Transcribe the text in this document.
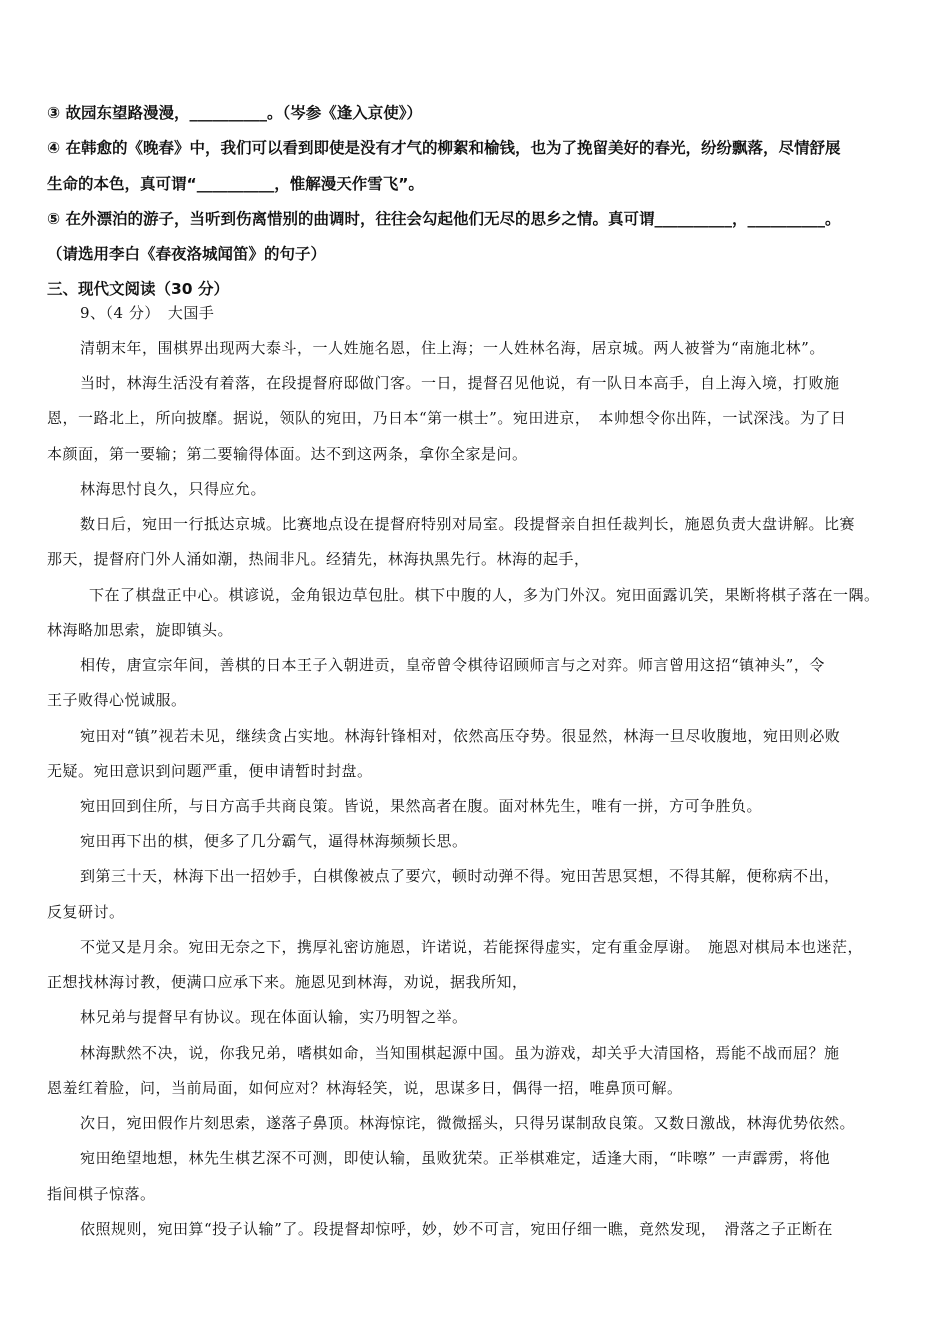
③ 故园东望路漫漫，__________。（岑参《逢入京使》）
④ 在韩愈的《晚春》中，我们可以看到即使是没有才气的柳絮和榆钱，也为了挽留美好的春光，纷纷飘落，尽情舒展
生命的本色，真可谓“__________，惟解漫天作雪飞”。
⑤ 在外漂泊的游子，当听到伤离惜别的曲调时，往往会勾起他们无尽的思乡之情。真可谓__________，__________。
（请选用李白《春夜洛城闻笛》的句子）
三、现代文阅读（30 分）
9、（4 分）　大国手
清朝末年，围棋界出现两大泰斗，一人姓施名恩，住上海；一人姓林名海，居京城。两人被誉为“南施北林”。
当时，林海生活没有着落，在段提督府邸做门客。一日，提督召见他说，有一队日本高手，自上海入境，打败施
恩，一路北上，所向披靡。据说，领队的宛田，乃日本“第一棋士”。宛田进京，　本帅想令你出阵，一试深浅。为了日
本颜面，第一要输；第二要输得体面。达不到这两条，拿你全家是问。
林海思忖良久，只得应允。
数日后，宛田一行抵达京城。比赛地点设在提督府特别对局室。段提督亲自担任裁判长，施恩负责大盘讲解。比赛
那天，提督府门外人涌如潮，热闹非凡。经猜先，林海执黑先行。林海的起手，
下在了棋盘正中心。棋谚说，金角银边草包肚。棋下中腹的人，多为门外汉。宛田面露讥笑，果断将棋子落在一隅。
林海略加思索，旋即镇头。
相传，唐宣宗年间，善棋的日本王子入朝进贡，皇帝曾令棋待诏顾师言与之对弈。师言曾用这招“镇神头”，令
王子败得心悦诚服。
宛田对“镇”视若未见，继续贪占实地。林海针锋相对，依然高压夺势。很显然，林海一旦尽收腹地，宛田则必败
无疑。宛田意识到问题严重，便申请暂时封盘。
宛田回到住所，与日方高手共商良策。皆说，果然高者在腹。面对林先生，唯有一拼，方可争胜负。
宛田再下出的棋，便多了几分霸气，逼得林海频频长思。
到第三十天，林海下出一招妙手，白棋像被点了要穴，顿时动弹不得。宛田苦思冥想，不得其解，便称病不出，
反复研讨。
不觉又是月余。宛田无奈之下，携厚礼密访施恩，许诺说，若能探得虚实，定有重金厚谢。　施恩对棋局本也迷茫，
正想找林海讨教，便满口应承下来。施恩见到林海，劝说，据我所知，
林兄弟与提督早有协议。现在体面认输，实乃明智之举。
林海默然不决，说，你我兄弟，嗜棋如命，当知围棋起源中国。虽为游戏，却关乎大清国格，焉能不战而屈？施
恩羞红着脸，问，当前局面，如何应对？林海轻笑，说，思谋多日，偶得一招，唯鼻顶可解。
次日，宛田假作片刻思索，遂落子鼻顶。林海惊诧，微微摇头，只得另谋制敌良策。又数日激战，林海优势依然。
宛田绝望地想，林先生棋艺深不可测，即使认输，虽败犹荣。正举棋难定，适逢大雨，“咔嚓” 一声霹雳，将他
指间棋子惊落。
依照规则，宛田算“投子认输”了。段提督却惊呼，妙，妙不可言，宛田仔细一瞧，竟然发现，　滑落之子正断在
